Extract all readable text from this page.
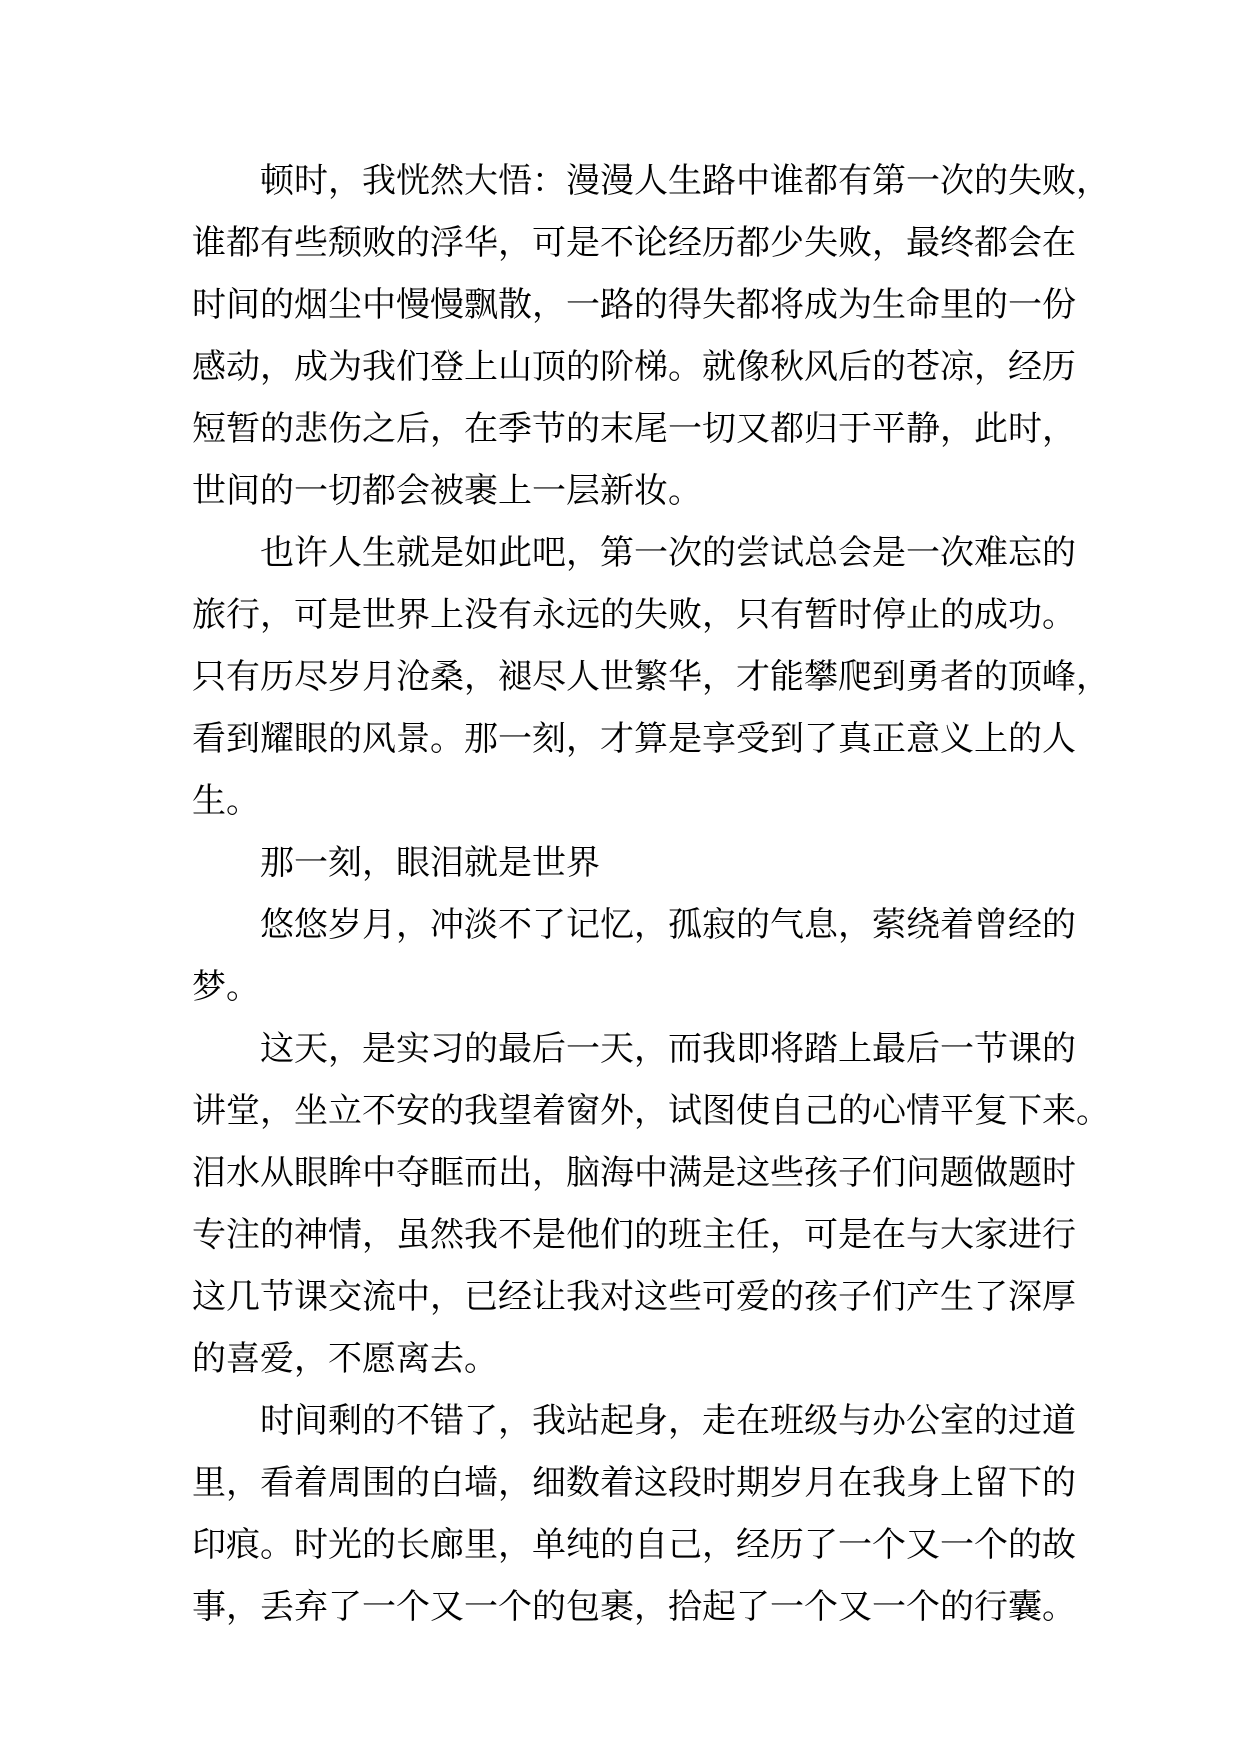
　　顿时，我恍然大悟：漫漫人生路中谁都有第一次的失败，
谁都有些颓败的浮华，可是不论经历都少失败，最终都会在
时间的烟尘中慢慢飘散，一路的得失都将成为生命里的一份
感动，成为我们登上山顶的阶梯。就像秋风后的苍凉，经历
短暂的悲伤之后，在季节的末尾一切又都归于平静，此时，
世间的一切都会被裹上一层新妆。
　　也许人生就是如此吧，第一次的尝试总会是一次难忘的
旅行，可是世界上没有永远的失败，只有暂时停止的成功。
只有历尽岁月沧桑，褪尽人世繁华，才能攀爬到勇者的顶峰，
看到耀眼的风景。那一刻，才算是享受到了真正意义上的人
生。
　　那一刻，眼泪就是世界
　　悠悠岁月，冲淡不了记忆，孤寂的气息，萦绕着曾经的
梦。
　　这天，是实习的最后一天，而我即将踏上最后一节课的
讲堂，坐立不安的我望着窗外，试图使自己的心情平复下来。
泪水从眼眸中夺眶而出，脑海中满是这些孩子们问题做题时
专注的神情，虽然我不是他们的班主任，可是在与大家进行
这几节课交流中，已经让我对这些可爱的孩子们产生了深厚
的喜爱，不愿离去。
　　时间剩的不错了，我站起身，走在班级与办公室的过道
里，看着周围的白墙，细数着这段时期岁月在我身上留下的
印痕。时光的长廊里，单纯的自己，经历了一个又一个的故
事，丢弃了一个又一个的包裹，拾起了一个又一个的行囊。
